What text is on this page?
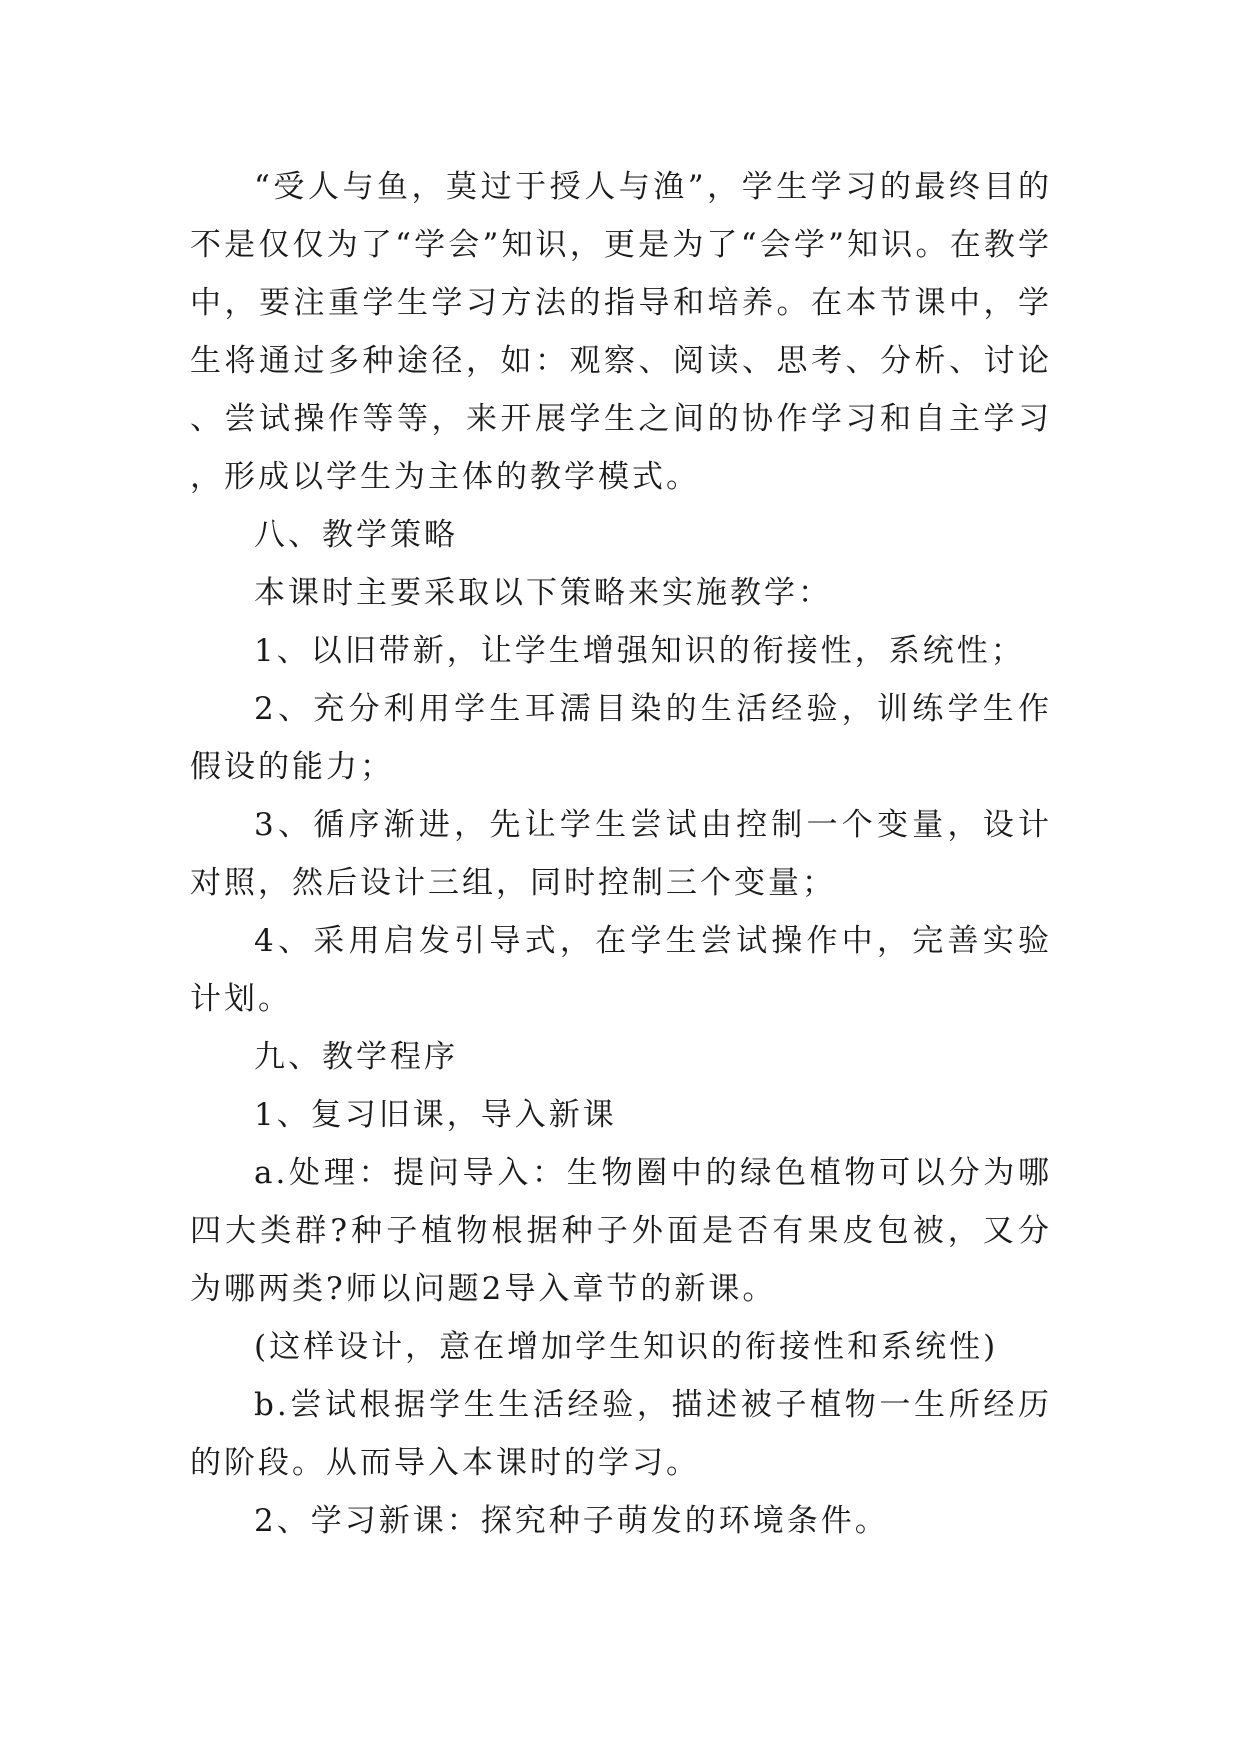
“受人与鱼，莫过于授人与渔”，学生学习的最终目的不是仅仅为了“学会”知识，更是为了“会学”知识。在教学中，要注重学生学习方法的指导和培养。在本节课中，学生将通过多种途径，如：观察、阅读、思考、分析、讨论、尝试操作等等，来开展学生之间的协作学习和自主学习，形成以学生为主体的教学模式。

八、教学策略

本课时主要采取以下策略来实施教学：

1、以旧带新，让学生增强知识的衔接性，系统性；

2、充分利用学生耳濡目染的生活经验，训练学生作假设的能力；

3、循序渐进，先让学生尝试由控制一个变量，设计对照，然后设计三组，同时控制三个变量；

4、采用启发引导式，在学生尝试操作中，完善实验计划。

九、教学程序

1、复习旧课，导入新课

a.处理：提问导入：生物圈中的绿色植物可以分为哪四大类群?种子植物根据种子外面是否有果皮包被，又分为哪两类?师以问题2导入章节的新课。

(这样设计，意在增加学生知识的衔接性和系统性)

b.尝试根据学生生活经验，描述被子植物一生所经历的阶段。从而导入本课时的学习。

2、学习新课：探究种子萌发的环境条件。
